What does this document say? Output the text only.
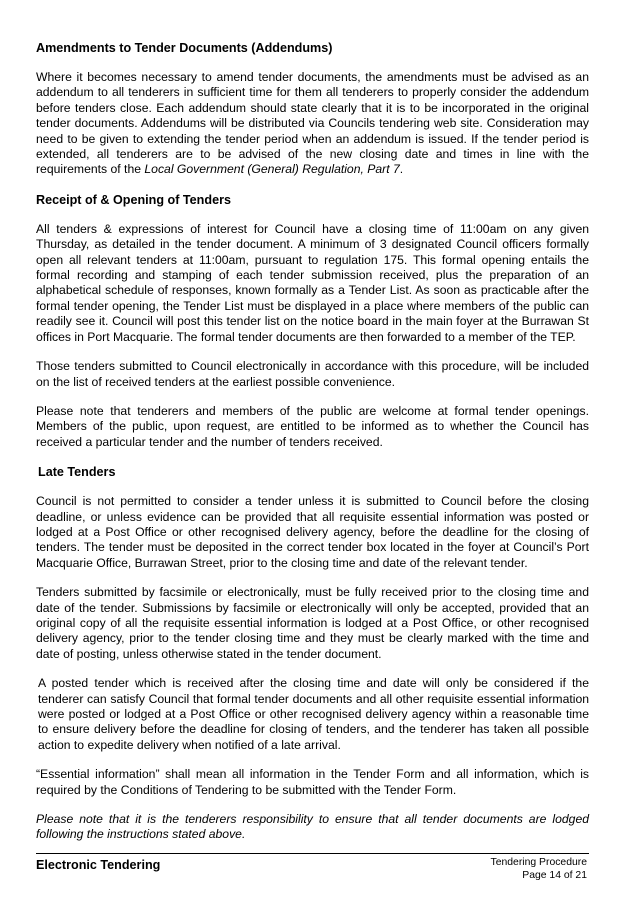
Amendments to Tender Documents (Addendums)

Where it becomes necessary to amend tender documents, the amendments must be advised as an addendum to all tenderers in sufficient time for them all tenderers to properly consider the addendum before tenders close. Each addendum should state clearly that it is to be incorporated in the original tender documents. Addendums will be distributed via Councils tendering web site. Consideration may need to be given to extending the tender period when an addendum is issued. If the tender period is extended, all tenderers are to be advised of the new closing date and times in line with the requirements of the Local Government (General) Regulation, Part 7.

Receipt of & Opening of Tenders

All tenders & expressions of interest for Council have a closing time of 11:00am on any given Thursday, as detailed in the tender document. A minimum of 3 designated Council officers formally open all relevant tenders at 11:00am, pursuant to regulation 175. This formal opening entails the formal recording and stamping of each tender submission received, plus the preparation of an alphabetical schedule of responses, known formally as a Tender List. As soon as practicable after the formal tender opening, the Tender List must be displayed in a place where members of the public can readily see it. Council will post this tender list on the notice board in the main foyer at the Burrawan St offices in Port Macquarie. The formal tender documents are then forwarded to a member of the TEP.

Those tenders submitted to Council electronically in accordance with this procedure, will be included on the list of received tenders at the earliest possible convenience.

Please note that tenderers and members of the public are welcome at formal tender openings. Members of the public, upon request, are entitled to be informed as to whether the Council has received a particular tender and the number of tenders received.

Late Tenders

Council is not permitted to consider a tender unless it is submitted to Council before the closing deadline, or unless evidence can be provided that all requisite essential information was posted or lodged at a Post Office or other recognised delivery agency, before the deadline for the closing of tenders. The tender must be deposited in the correct tender box located in the foyer at Council’s Port Macquarie Office, Burrawan Street, prior to the closing time and date of the relevant tender.

Tenders submitted by facsimile or electronically, must be fully received prior to the closing time and date of the tender. Submissions by facsimile or electronically will only be accepted, provided that an original copy of all the requisite essential information is lodged at a Post Office, or other recognised delivery agency, prior to the tender closing time and they must be clearly marked with the time and date of posting, unless otherwise stated in the tender document.

A posted tender which is received after the closing time and date will only be considered if the tenderer can satisfy Council that formal tender documents and all other requisite essential information were posted or lodged at a Post Office or other recognised delivery agency within a reasonable time to ensure delivery before the deadline for closing of tenders, and the tenderer has taken all possible action to expedite delivery when notified of a late arrival.

“Essential information” shall mean all information in the Tender Form and all information, which is required by the Conditions of Tendering to be submitted with the Tender Form.

Please note that it is the tenderers responsibility to ensure that all tender documents are lodged following the instructions stated above.

Electronic Tendering	Tendering Procedure
Page 14 of 21
